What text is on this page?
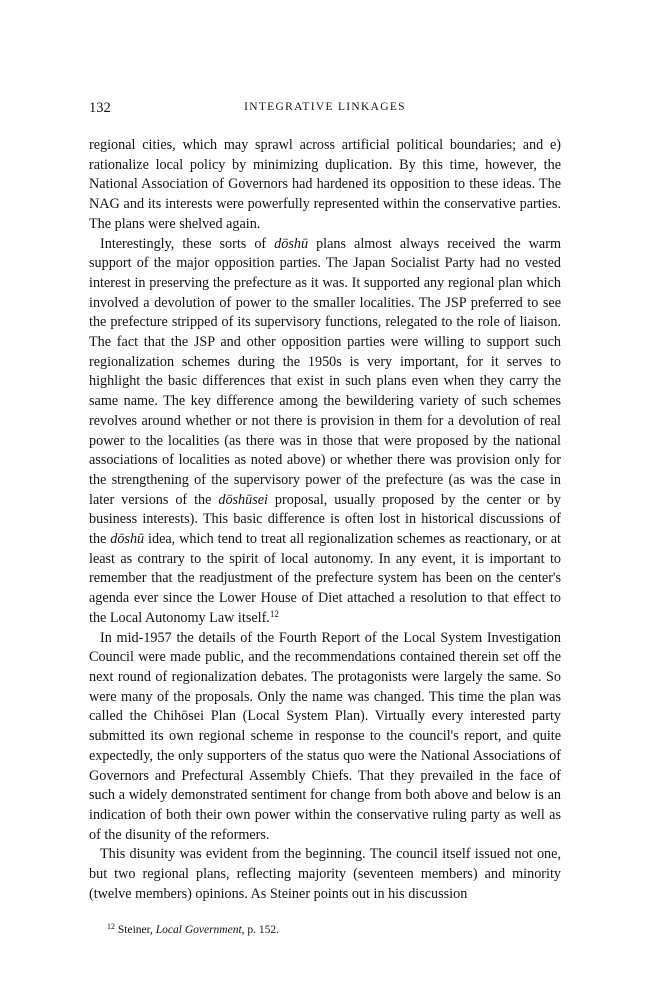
132	INTEGRATIVE LINKAGES

regional cities, which may sprawl across artificial political boundaries; and e) rationalize local policy by minimizing duplication. By this time, however, the National Association of Governors had hardened its opposition to these ideas. The NAG and its interests were powerfully represented within the conservative parties. The plans were shelved again.

Interestingly, these sorts of dōshū plans almost always received the warm support of the major opposition parties. The Japan Socialist Party had no vested interest in preserving the prefecture as it was. It supported any regional plan which involved a devolution of power to the smaller localities. The JSP preferred to see the prefecture stripped of its supervisory functions, relegated to the role of liaison. The fact that the JSP and other opposition parties were willing to support such regionalization schemes during the 1950s is very important, for it serves to highlight the basic differences that exist in such plans even when they carry the same name. The key difference among the bewildering variety of such schemes revolves around whether or not there is provision in them for a devolution of real power to the localities (as there was in those that were proposed by the national associations of localities as noted above) or whether there was provision only for the strengthening of the supervisory power of the prefecture (as was the case in later versions of the dōshūsei proposal, usually proposed by the center or by business interests). This basic difference is often lost in historical discussions of the dōshū idea, which tend to treat all regionalization schemes as reactionary, or at least as contrary to the spirit of local autonomy. In any event, it is important to remember that the readjustment of the prefecture system has been on the center's agenda ever since the Lower House of Diet attached a resolution to that effect to the Local Autonomy Law itself.$^{12}$

In mid-1957 the details of the Fourth Report of the Local System Investigation Council were made public, and the recommendations contained therein set off the next round of regionalization debates. The protagonists were largely the same. So were many of the proposals. Only the name was changed. This time the plan was called the Chihōsei Plan (Local System Plan). Virtually every interested party submitted its own regional scheme in response to the council's report, and quite expectedly, the only supporters of the status quo were the National Associations of Governors and Prefectural Assembly Chiefs. That they prevailed in the face of such a widely demonstrated sentiment for change from both above and below is an indication of both their own power within the conservative ruling party as well as of the disunity of the reformers.

This disunity was evident from the beginning. The council itself issued not one, but two regional plans, reflecting majority (seventeen members) and minority (twelve members) opinions. As Steiner points out in his discussion

$^{12}$ Steiner, Local Government, p. 152.
